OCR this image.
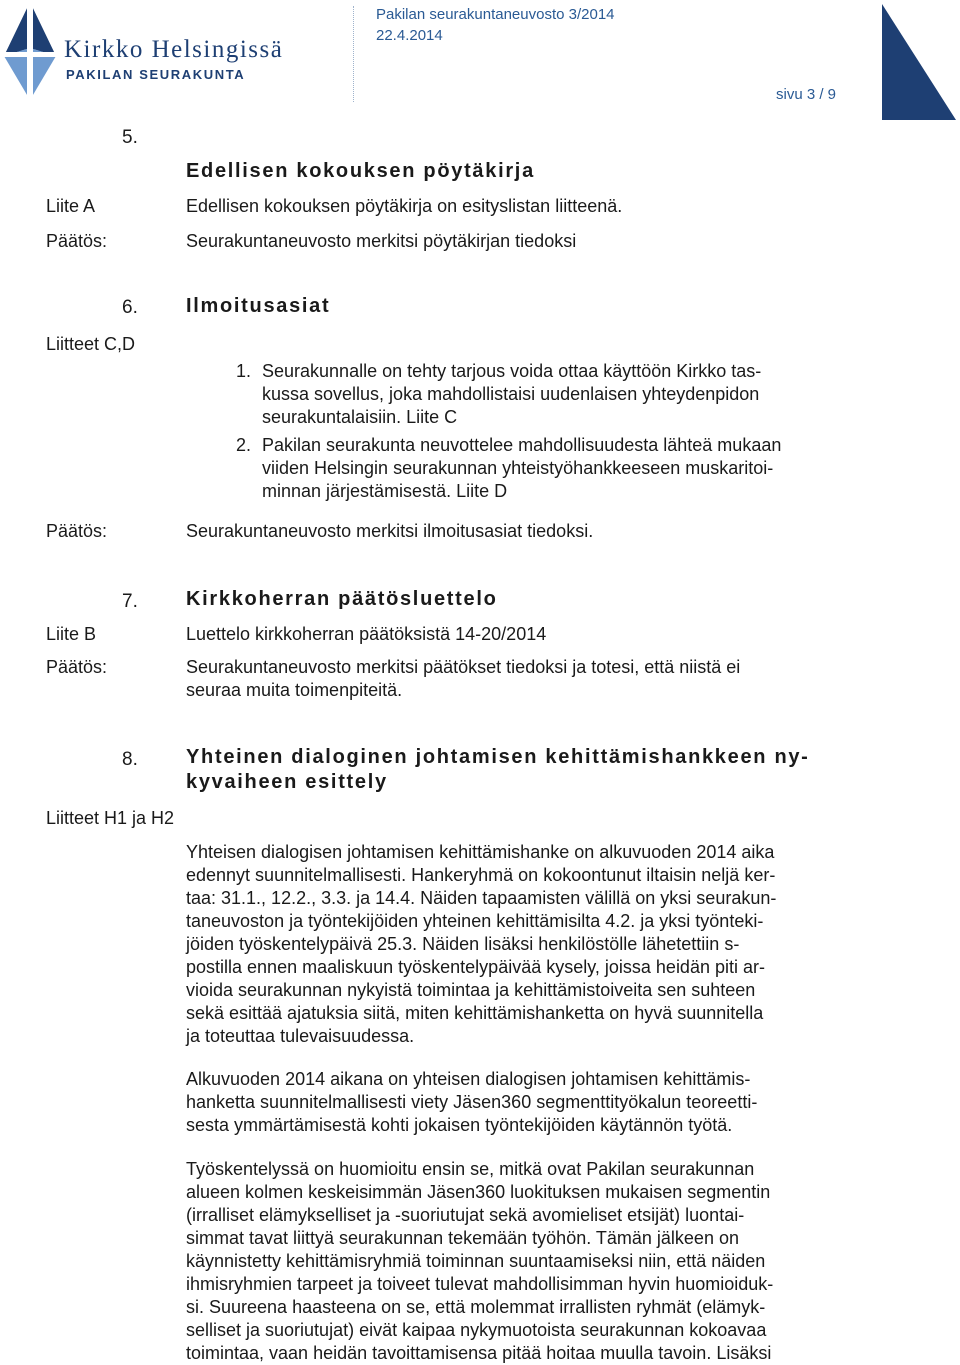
Kirkko Helsingissä
PAKILAN SEURAKUNTA
Pakilan seurakuntaneuvosto 3/2014
22.4.2014
sivu 3 / 9
5.
Edellisen kokouksen pöytäkirja
Liite A	Edellisen kokouksen pöytäkirja on esityslistan liitteenä.
Päätös:	Seurakuntaneuvosto merkitsi pöytäkirjan tiedoksi
6. Ilmoitusasiat
Liitteet C,D
1. Seurakunnalle on tehty tarjous voida ottaa käyttöön Kirkko tas-
kussa sovellus, joka mahdollistaisi uudenlaisen yhteydenpidon
seurakuntalaisiin. Liite C
2. Pakilan seurakunta neuvottelee mahdollisuudesta lähteä mukaan
viiden Helsingin seurakunnan yhteistyöhankkeeseen muskaritoi-
minnan järjestämisestä. Liite D
Päätös:	Seurakuntaneuvosto merkitsi ilmoitusasiat tiedoksi.
7. Kirkkoherran päätösluettelo
Liite B	Luettelo kirkkoherran päätöksistä 14-20/2014
Päätös:	Seurakuntaneuvosto merkitsi päätökset tiedoksi ja totesi, että niistä ei
seuraa muita toimenpiteitä.
8. Yhteinen dialoginen johtamisen kehittämishankkeen ny-
kyvaiheen esittely
Liitteet H1 ja H2
Yhteisen dialogisen johtamisen kehittämishanke on alkuvuoden 2014 aika
edennyt suunnitelmallisesti. Hankeryhmä on kokoontunut iltaisin neljä ker-
taa: 31.1., 12.2., 3.3. ja 14.4. Näiden tapaamisten välillä on yksi seurakun-
taneuvoston ja työntekijöiden yhteinen kehittämisilta 4.2. ja yksi työnteki-
jöiden työskentelypäivä 25.3. Näiden lisäksi henkilöstölle lähetettiin s-
postilla ennen maaliskuun työskentelypäivää kysely, joissa heidän piti ar-
vioida seurakunnan nykyistä toimintaa ja kehittämistoiveita sen suhteen
sekä esittää ajatuksia siitä, miten kehittämishanketta on hyvä suunnitella
ja toteuttaa tulevaisuudessa.
Alkuvuoden 2014 aikana on yhteisen dialogisen johtamisen kehittämis-
hanketta suunnitelmallisesti viety Jäsen360 segmenttityökalun teoreetti-
sesta ymmärtämisestä kohti jokaisen työntekijöiden käytännön työtä.
Työskentelyssä on huomioitu ensin se, mitkä ovat Pakilan seurakunnan
alueen kolmen keskeisimmän Jäsen360 luokituksen mukaisen segmentin
(irralliset elämykselliset ja -suoriutujat sekä avomieliset etsijät) luontai-
simmat tavat liittyä seurakunnan tekemään työhön. Tämän jälkeen on
käynnistetty kehittämisryhmiä toiminnan suuntaamiseksi niin, että näiden
ihmisryhmien tarpeet ja toiveet tulevat mahdollisimman hyvin huomioiduk-
si. Suureena haasteena on se, että molemmat irrallisten ryhmät (elämyk-
selliset ja suoriutujat) eivät kaipaa nykymuotoista seurakunnan kokoavaa
toimintaa, vaan heidän tavoittamisensa pitää hoitaa muulla tavoin. Lisäksi
